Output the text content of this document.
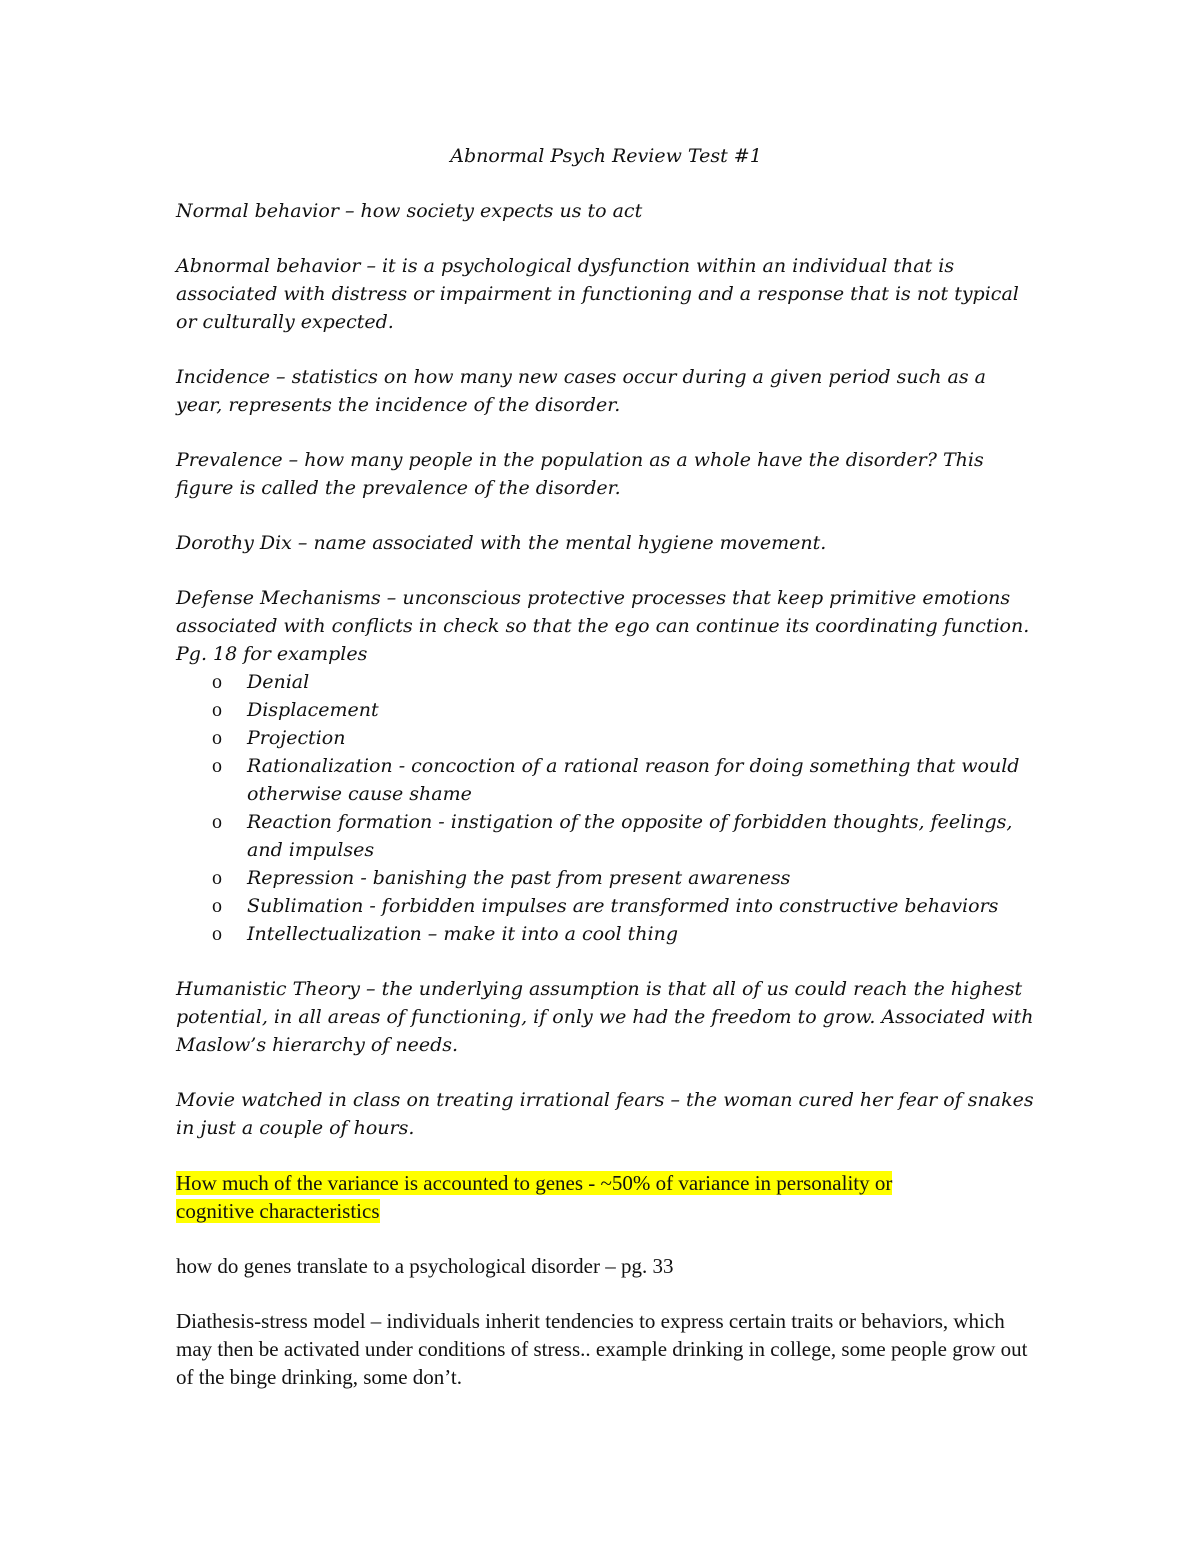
Abnormal Psych Review Test #1

Normal behavior – how society expects us to act

Abnormal behavior – it is a psychological dysfunction within an individual that is associated with distress or impairment in functioning and a response that is not typical or culturally expected.

Incidence – statistics on how many new cases occur during a given period such as a year, represents the incidence of the disorder.

Prevalence – how many people in the population as a whole have the disorder? This figure is called the prevalence of the disorder.

Dorothy Dix – name associated with the mental hygiene movement.

Defense Mechanisms – unconscious protective processes that keep primitive emotions associated with conflicts in check so that the ego can continue its coordinating function. Pg. 18 for examples

o Denial
o Displacement
o Projection
o Rationalization - concoction of a rational reason for doing something that would otherwise cause shame
o Reaction formation - instigation of the opposite of forbidden thoughts, feelings, and impulses
o Repression - banishing the past from present awareness
o Sublimation - forbidden impulses are transformed into constructive behaviors
o Intellectualization – make it into a cool thing

Humanistic Theory – the underlying assumption is that all of us could reach the highest potential, in all areas of functioning, if only we had the freedom to grow. Associated with Maslow’s hierarchy of needs.

Movie watched in class on treating irrational fears – the woman cured her fear of snakes in just a couple of hours.

How much of the variance is accounted to genes - ~50% of variance in personality or
cognitive characteristics

how do genes translate to a psychological disorder – pg. 33

Diathesis-stress model – individuals inherit tendencies to express certain traits or behaviors, which may then be activated under conditions of stress.. example drinking in college, some people grow out of the binge drinking, some don’t.
